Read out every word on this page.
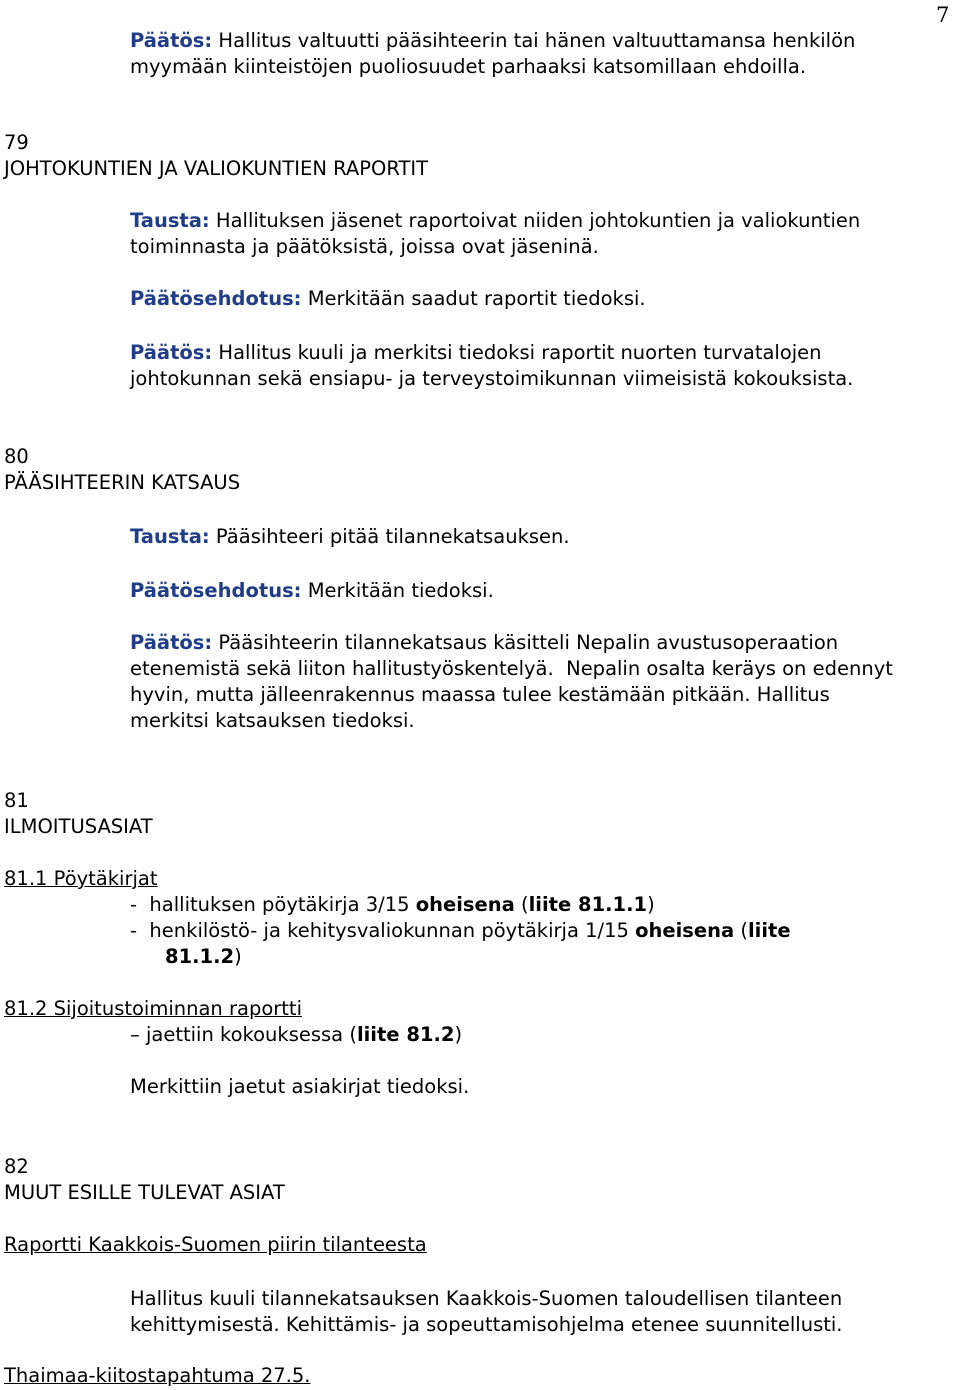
7
Päätös: Hallitus valtuutti pääsihteerin tai hänen valtuuttamansa henkilön
myymään kiinteistöjen puoliosuudet parhaaksi katsomillaan ehdoilla.
79
JOHTOKUNTIEN JA VALIOKUNTIEN RAPORTIT
Tausta: Hallituksen jäsenet raportoivat niiden johtokuntien ja valiokuntien
toiminnasta ja päätöksistä, joissa ovat jäseninä.
Päätösehdotus: Merkitään saadut raportit tiedoksi.
Päätös: Hallitus kuuli ja merkitsi tiedoksi raportit nuorten turvatalojen
johtokunnan sekä ensiapu- ja terveystoimikunnan viimeisistä kokouksista.
80
PÄÄSIHTEERIN KATSAUS
Tausta: Pääsihteeri pitää tilannekatsauksen.
Päätösehdotus: Merkitään tiedoksi.
Päätös: Pääsihteerin tilannekatsaus käsitteli Nepalin avustusoperaation
etenemistä sekä liiton hallitustyöskentelyä.  Nepalin osalta keräys on edennyt
hyvin, mutta jälleenrakennus maassa tulee kestämään pitkään. Hallitus
merkitsi katsauksen tiedoksi.
81
ILMOITUSASIAT
81.1 Pöytäkirjat
-  hallituksen pöytäkirja 3/15 oheisena (liite 81.1.1)
-  henkilöstö- ja kehitysvaliokunnan pöytäkirja 1/15 oheisena (liite
81.1.2)
81.2 Sijoitustoiminnan raportti
– jaettiin kokouksessa (liite 81.2)
Merkittiin jaetut asiakirjat tiedoksi.
82
MUUT ESILLE TULEVAT ASIAT
Raportti Kaakkois-Suomen piirin tilanteesta
Hallitus kuuli tilannekatsauksen Kaakkois-Suomen taloudellisen tilanteen
kehittymisestä. Kehittämis- ja sopeuttamisohjelma etenee suunnitellusti.
Thaimaa-kiitostapahtuma 27.5.
